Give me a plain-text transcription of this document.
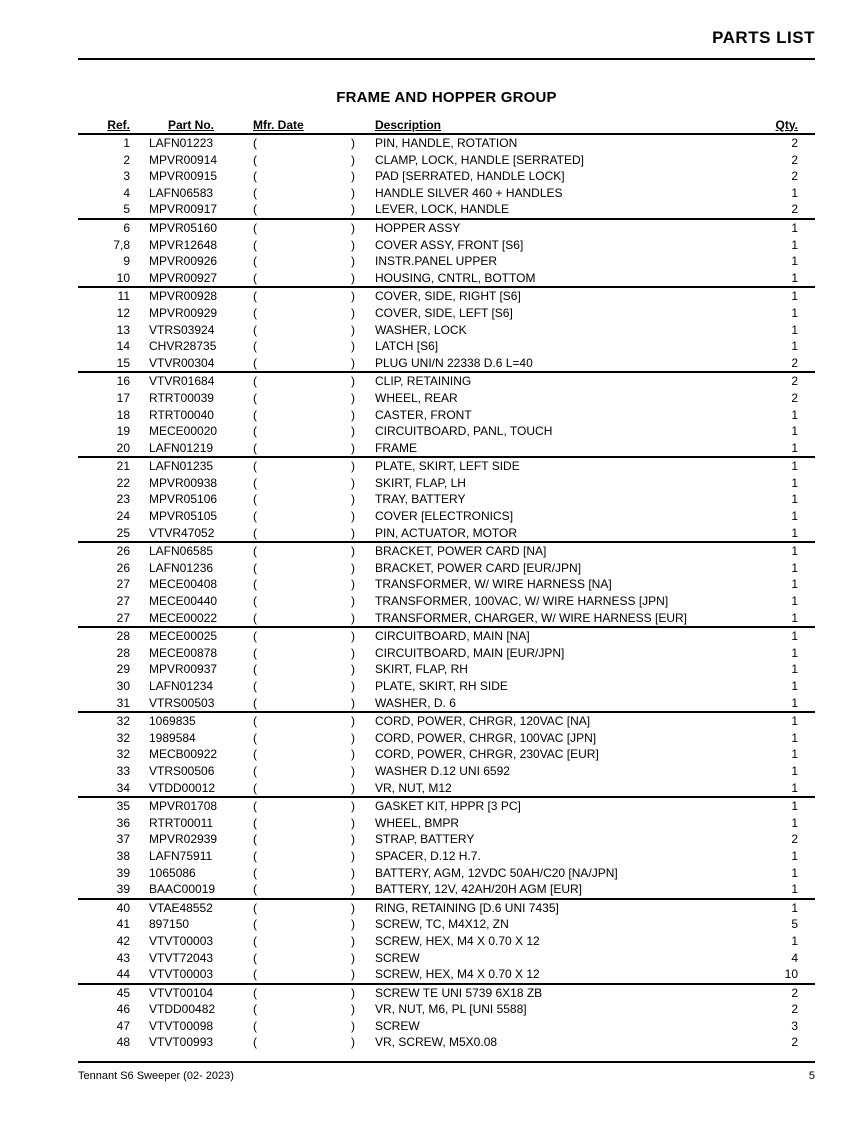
PARTS LIST
FRAME AND HOPPER GROUP
Ref.	Part No.	Mfr. Date	Description	Qty.
1 LAFN01223	(	) PIN, HANDLE, ROTATION	2
2 MPVR00914	(	) CLAMP, LOCK, HANDLE [SERRATED]	2
3 MPVR00915	(	) PAD [SERRATED, HANDLE LOCK]	2
4 LAFN06583	(	) HANDLE SILVER 460 + HANDLES	1
5 MPVR00917	(	) LEVER, LOCK, HANDLE	2
6 MPVR05160	(	) HOPPER ASSY	1
7,8 MPVR12648	(	) COVER ASSY, FRONT [S6]	1
9 MPVR00926	(	) INSTR.PANEL UPPER	1
10 MPVR00927	(	) HOUSING, CNTRL, BOTTOM	1
11 MPVR00928	(	) COVER, SIDE, RIGHT [S6]	1
12 MPVR00929	(	) COVER, SIDE, LEFT [S6]	1
13 VTRS03924	(	) WASHER, LOCK	1
14 CHVR28735	(	) LATCH [S6]	1
15 VTVR00304	(	) PLUG UNI/N 22338 D.6 L=40	2
16 VTVR01684	(	) CLIP, RETAINING	2
17 RTRT00039	(	) WHEEL, REAR	2
18 RTRT00040	(	) CASTER, FRONT	1
19 MECE00020	(	) CIRCUITBOARD, PANL, TOUCH	1
20 LAFN01219	(	) FRAME	1
21 LAFN01235	(	) PLATE, SKIRT, LEFT SIDE	1
22 MPVR00938	(	) SKIRT, FLAP, LH	1
23 MPVR05106	(	) TRAY, BATTERY	1
24 MPVR05105	(	) COVER [ELECTRONICS]	1
25 VTVR47052	(	) PIN, ACTUATOR, MOTOR	1
26 LAFN06585	(	) BRACKET, POWER CARD [NA]	1
26 LAFN01236	(	) BRACKET, POWER CARD [EUR/JPN]	1
27 MECE00408	(	) TRANSFORMER, W/ WIRE HARNESS [NA]	1
27 MECE00440	(	) TRANSFORMER, 100VAC, W/ WIRE HARNESS [JPN]	1
27 MECE00022	(	) TRANSFORMER, CHARGER, W/ WIRE HARNESS [EUR]	1
28 MECE00025	(	) CIRCUITBOARD, MAIN [NA]	1
28 MECE00878	(	) CIRCUITBOARD, MAIN [EUR/JPN]	1
29 MPVR00937	(	) SKIRT, FLAP, RH	1
30 LAFN01234	(	) PLATE, SKIRT, RH SIDE	1
31 VTRS00503	(	) WASHER, D. 6	1
32 1069835	(	) CORD, POWER, CHRGR, 120VAC [NA]	1
32 1989584	(	) CORD, POWER, CHRGR, 100VAC [JPN]	1
32 MECB00922	(	) CORD, POWER, CHRGR, 230VAC [EUR]	1
33 VTRS00506	(	) WASHER D.12 UNI 6592	1
34 VTDD00012	(	) VR, NUT, M12	1
35 MPVR01708	(	) GASKET KIT, HPPR [3 PC]	1
36 RTRT00011	(	) WHEEL, BMPR	1
37 MPVR02939	(	) STRAP, BATTERY	2
38 LAFN75911	(	) SPACER, D.12 H.7.	1
39 1065086	(	) BATTERY, AGM, 12VDC 50AH/C20 [NA/JPN]	1
39 BAAC00019	(	) BATTERY, 12V, 42AH/20H AGM [EUR]	1
40 VTAE48552	(	) RING, RETAINING [D.6 UNI 7435]	1
41 897150	(	) SCREW, TC, M4X12, ZN	5
42 VTVT00003	(	) SCREW, HEX, M4 X 0.70 X 12	1
43 VTVT72043	(	) SCREW	4
44 VTVT00003	(	) SCREW, HEX, M4 X 0.70 X 12	10
45 VTVT00104	(	) SCREW TE UNI 5739 6X18 ZB	2
46 VTDD00482	(	) VR, NUT, M6, PL [UNI 5588]	2
47 VTVT00098	(	) SCREW	3
48 VTVT00993	(	) VR, SCREW, M5X0.08	2
Tennant S6 Sweeper (02- 2023)	5
